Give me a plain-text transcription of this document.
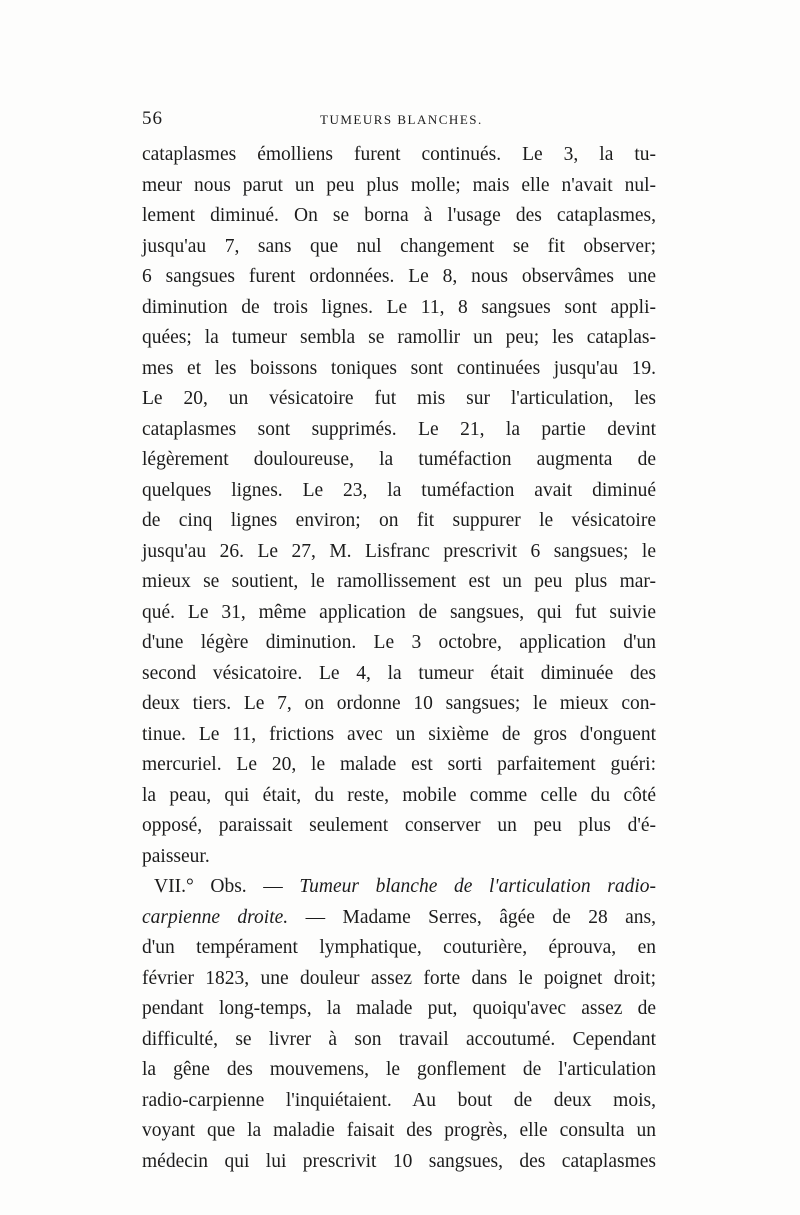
56	TUMEURS BLANCHES.
cataplasmes émolliens furent continués. Le 3, la tu-
meur nous parut un peu plus molle; mais elle n'avait nul-
lement diminué. On se borna à l'usage des cataplasmes,
jusqu'au 7, sans que nul changement se fit observer;
6 sangsues furent ordonnées. Le 8, nous observâmes une
diminution de trois lignes. Le 11, 8 sangsues sont appli-
quées; la tumeur sembla se ramollir un peu; les cataplas-
mes et les boissons toniques sont continuées jusqu'au 19.
Le 20, un vésicatoire fut mis sur l'articulation, les
cataplasmes sont supprimés. Le 21, la partie devint
légèrement douloureuse, la tuméfaction augmenta de
quelques lignes. Le 23, la tuméfaction avait diminué
de cinq lignes environ; on fit suppurer le vésicatoire
jusqu'au 26. Le 27, M. Lisfranc prescrivit 6 sangsues; le
mieux se soutient, le ramollissement est un peu plus mar-
qué. Le 31, même application de sangsues, qui fut suivie
d'une légère diminution. Le 3 octobre, application d'un
second vésicatoire. Le 4, la tumeur était diminuée des
deux tiers. Le 7, on ordonne 10 sangsues; le mieux con-
tinue. Le 11, frictions avec un sixième de gros d'onguent
mercuriel. Le 20, le malade est sorti parfaitement guéri:
la peau, qui était, du reste, mobile comme celle du côté
opposé, paraissait seulement conserver un peu plus d'é-
paisseur.
VII.° Obs. — Tumeur blanche de l'articulation radio-
carpienne droite. — Madame Serres, âgée de 28 ans,
d'un tempérament lymphatique, couturière, éprouva, en
février 1823, une douleur assez forte dans le poignet droit;
pendant long-temps, la malade put, quoiqu'avec assez de
difficulté, se livrer à son travail accoutumé. Cependant
la gêne des mouvemens, le gonflement de l'articulation
radio-carpienne l'inquiétaient. Au bout de deux mois,
voyant que la maladie faisait des progrès, elle consulta un
médecin qui lui prescrivit 10 sangsues, des cataplasmes
